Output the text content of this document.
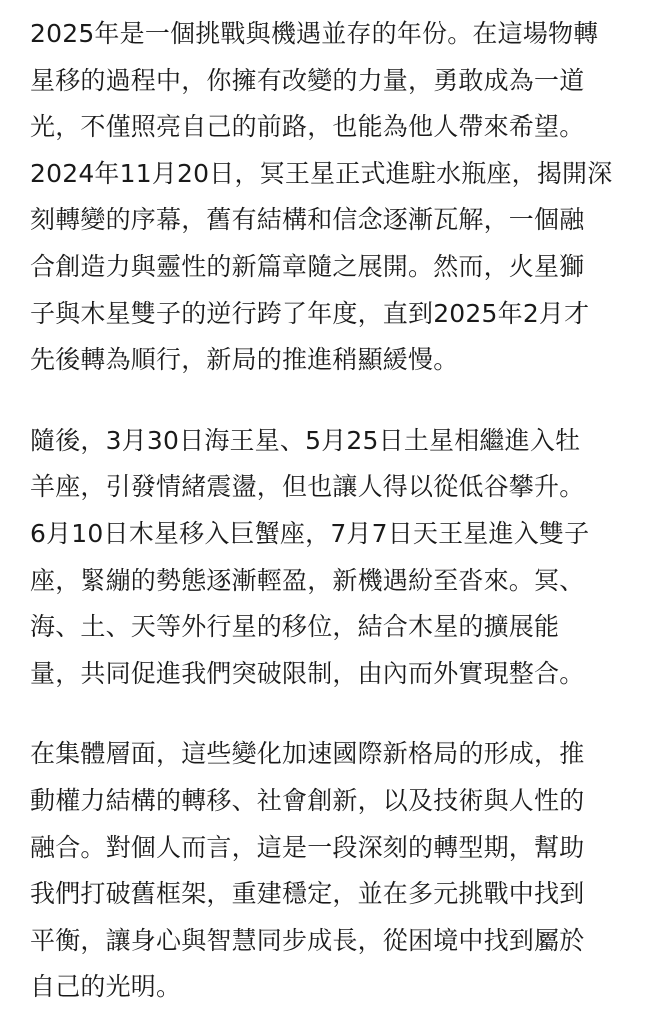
2025年是一個挑戰與機遇並存的年份。在這場物轉
星移的過程中，你擁有改變的力量，勇敢成為一道
光，不僅照亮自己的前路，也能為他人帶來希望。
2024年11月20日，冥王星正式進駐水瓶座，揭開深
刻轉變的序幕，舊有結構和信念逐漸瓦解，一個融
合創造力與靈性的新篇章隨之展開。然而，火星獅
子與木星雙子的逆行跨了年度，直到2025年2月才
先後轉為順行，新局的推進稍顯緩慢。
隨後，3月30日海王星、5月25日土星相繼進入牡
羊座，引發情緒震盪，但也讓人得以從低谷攀升。
6月10日木星移入巨蟹座，7月7日天王星進入雙子
座，緊繃的勢態逐漸輕盈，新機遇紛至沓來。冥、
海、土、天等外行星的移位，結合木星的擴展能
量，共同促進我們突破限制，由內而外實現整合。
在集體層面，這些變化加速國際新格局的形成，推
動權力結構的轉移、社會創新，以及技術與人性的
融合。對個人而言，這是一段深刻的轉型期，幫助
我們打破舊框架，重建穩定，並在多元挑戰中找到
平衡，讓身心與智慧同步成長，從困境中找到屬於
自己的光明。
